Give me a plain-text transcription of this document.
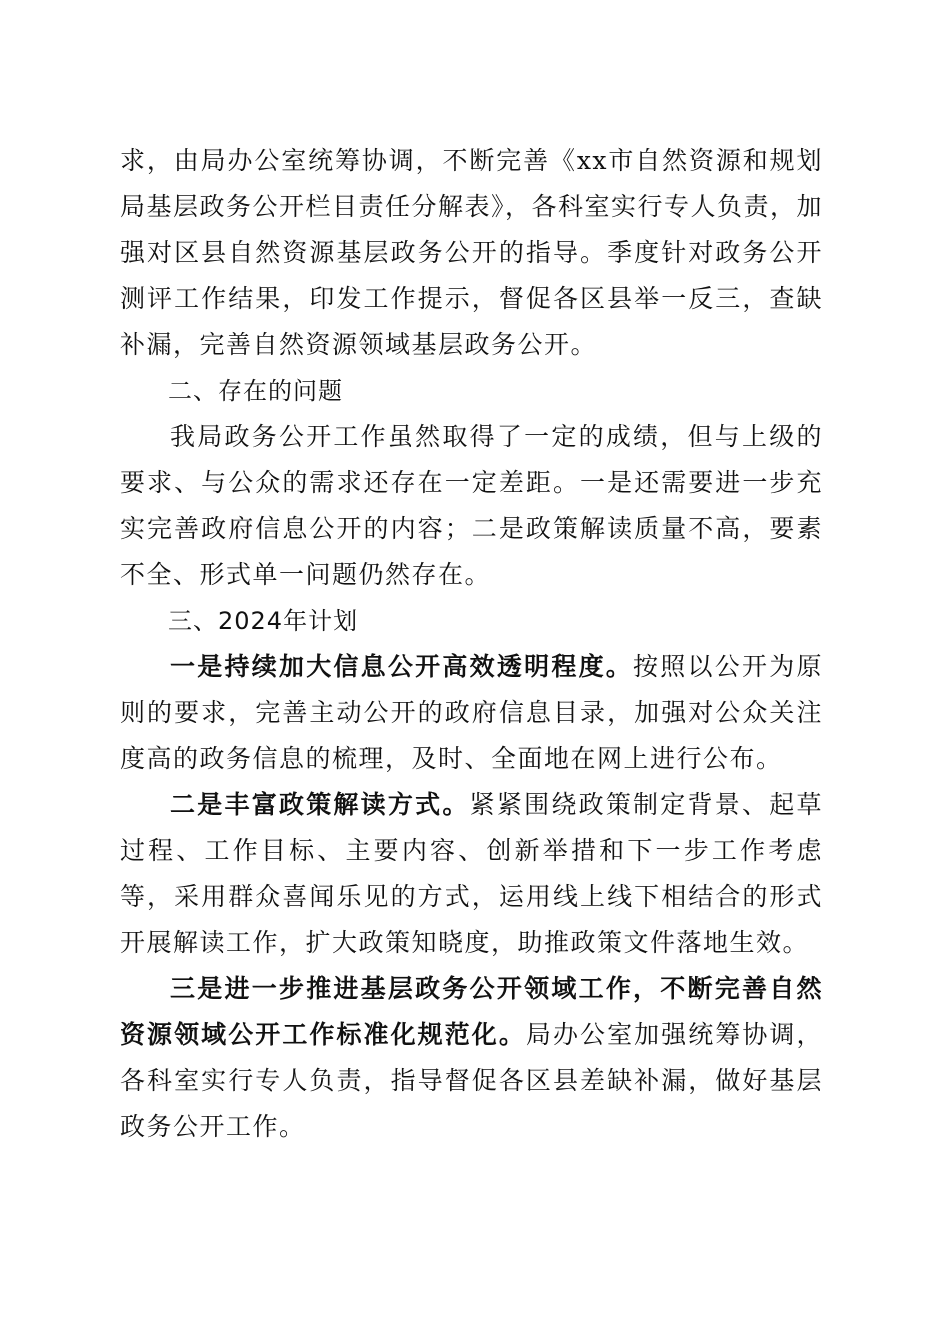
求，由局办公室统筹协调，不断完善《xx市自然资源和规划局基层政务公开栏目责任分解表》，各科室实行专人负责，加强对区县自然资源基层政务公开的指导。季度针对政务公开测评工作结果，印发工作提示，督促各区县举一反三，查缺补漏，完善自然资源领域基层政务公开。

二、存在的问题

我局政务公开工作虽然取得了一定的成绩，但与上级的要求、与公众的需求还存在一定差距。一是还需要进一步充实完善政府信息公开的内容；二是政策解读质量不高，要素不全、形式单一问题仍然存在。

三、2024年计划

一是持续加大信息公开高效透明程度。按照以公开为原则的要求，完善主动公开的政府信息目录，加强对公众关注度高的政务信息的梳理，及时、全面地在网上进行公布。

二是丰富政策解读方式。紧紧围绕政策制定背景、起草过程、工作目标、主要内容、创新举措和下一步工作考虑等，采用群众喜闻乐见的方式，运用线上线下相结合的形式开展解读工作，扩大政策知晓度，助推政策文件落地生效。

三是进一步推进基层政务公开领域工作，不断完善自然资源领域公开工作标准化规范化。局办公室加强统筹协调，各科室实行专人负责，指导督促各区县差缺补漏，做好基层政务公开工作。
